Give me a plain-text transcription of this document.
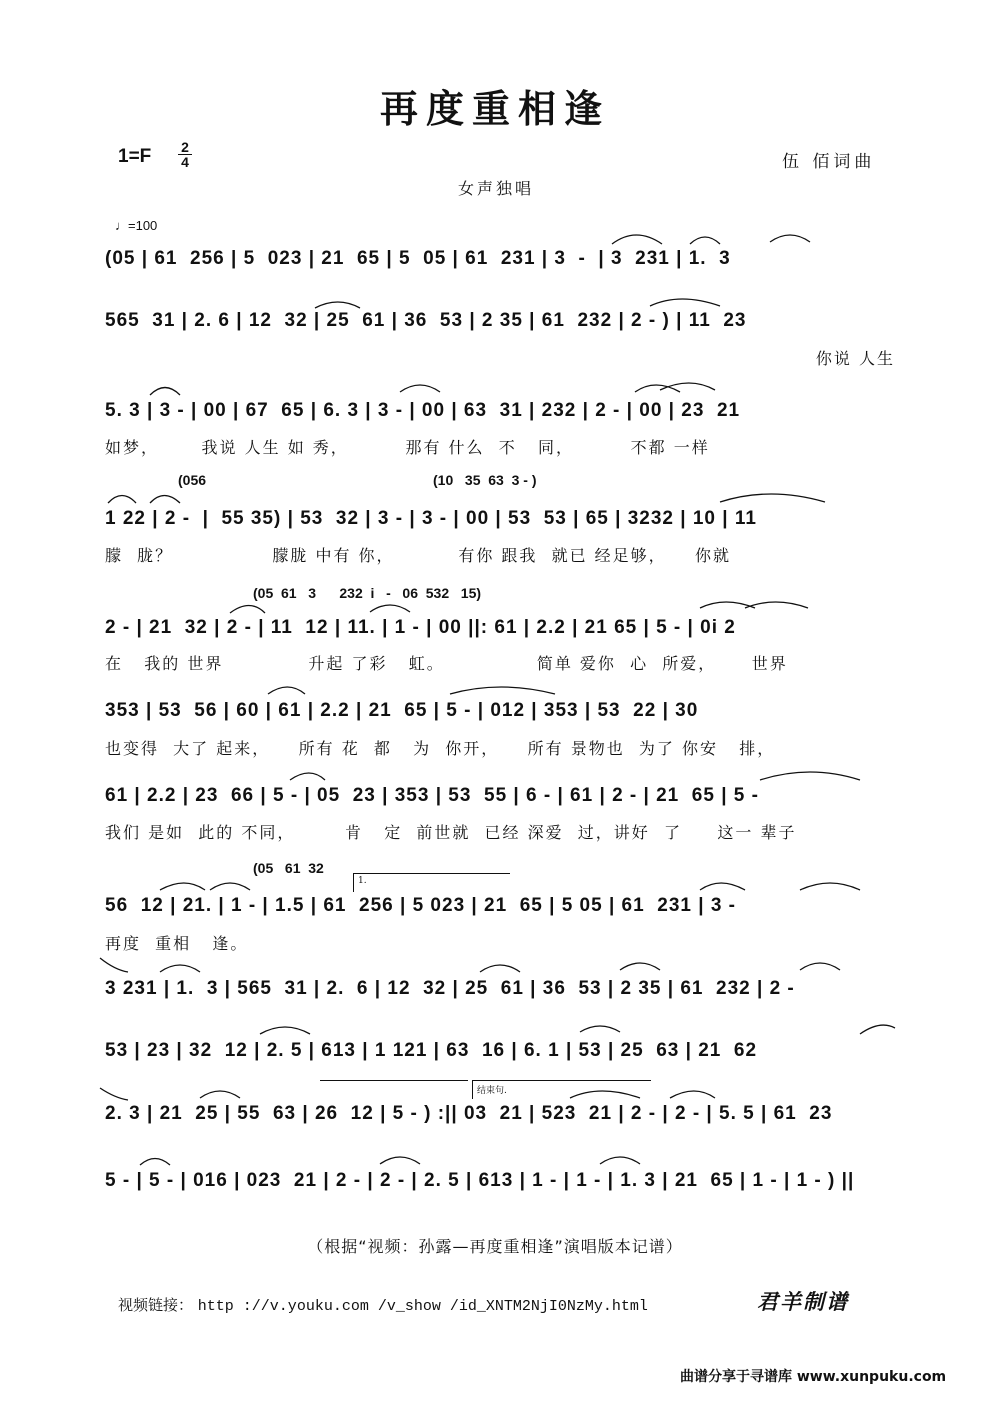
再度重相逢
$1=F \frac{2}{4}$	伍 佰词曲
女声独唱
♩=100
(05 | 61  256 | 5  023 | 21  65 | 5  05 | 61  231 | 3  -  | 3  231 | 1.  3
565  31 | 2. 6 | 12  32 | 25  61 | 36  53 | 2 35 | 61  232 | 2 - ) | 11  23
你说 人生
5. 3 | 3 - | 00 | 67  65 | 6. 3 | 3 - | 00 | 63  31 | 232 | 2 - | 00 | 23  21
如梦，      我说 人生 如 秀，        那有 什么  不   同，        不都 一样
(056	(10   35  63  3 - )
1 22 | 2 -  |  55 35) | 53  32 | 3 - | 3 - | 00 | 53  53 | 65 | 3232 | 10 | 11
朦  胧？              朦胧 中有 你，         有你 跟我  就已 经足够，    你就
(05  61   3      232  i   -   06  532   15)
2 - | 21  32 | 2 - | 11  12 | 11. | 1 - | 00 ||: 61 | 2.2 | 21 65 | 5 - | 0i 2
在   我的 世界            升起 了彩   虹。             简单 爱你  心  所爱，     世界
353 | 53  56 | 60 | 61 | 2.2 | 21  65 | 5 - | 012 | 353 | 53  22 | 30
也变得  大了 起来，    所有 花  都   为  你开，    所有 景物也  为了 你安   排，
61 | 2.2 | 23  66 | 5 - | 05  23 | 353 | 53  55 | 6 - | 61 | 2 - | 21  65 | 5 -
我们 是如  此的 不同，       肯   定  前世就  已经 深爱  过，讲好  了     这一 辈子
(05   61  32
1.
56  12 | 21. | 1 - | 1.5 | 61  256 | 5 023 | 21  65 | 5 05 | 61  231 | 3 -
再度  重相   逢。
3 231 | 1.  3 | 565  31 | 2.  6 | 12  32 | 25  61 | 36  53 | 2 35 | 61  232 | 2 -
53 | 23 | 32  12 | 2. 5 | 613 | 1 121 | 63  16 | 6. 1 | 53 | 25  63 | 21  62
结束句.
2. 3 | 21  25 | 55  63 | 26  12 | 5 - ) :|| 03  21 | 523  21 | 2 - | 2 - | 5. 5 | 61  23
5 - | 5 - | 016 | 023  21 | 2 - | 2 - | 2. 5 | 613 | 1 - | 1 - | 1. 3 | 21  65 | 1 - | 1 - ) ||
（根据“视频：孙露—再度重相逢”演唱版本记谱）
视频链接： http ://v.youku.com /v_show /id_XNTM2NjI0NzMy.html	君羊制谱
曲谱分享于寻谱库 www.xunpuku.com
